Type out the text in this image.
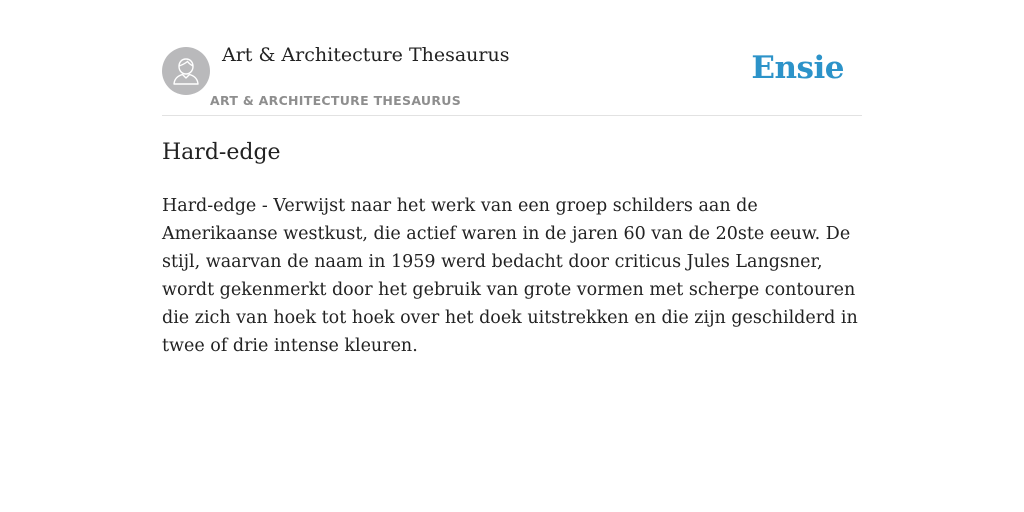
Art & Architecture Thesaurus
ART & ARCHITECTURE THESAURUS
Ensie
Hard-edge

Hard-edge - Verwijst naar het werk van een groep schilders aan de Amerikaanse westkust, die actief waren in de jaren 60 van de 20ste eeuw. De stijl, waarvan de naam in 1959 werd bedacht door criticus Jules Langsner, wordt gekenmerkt door het gebruik van grote vormen met scherpe contouren die zich van hoek tot hoek over het doek uitstrekken en die zijn geschilderd in twee of drie intense kleuren.
